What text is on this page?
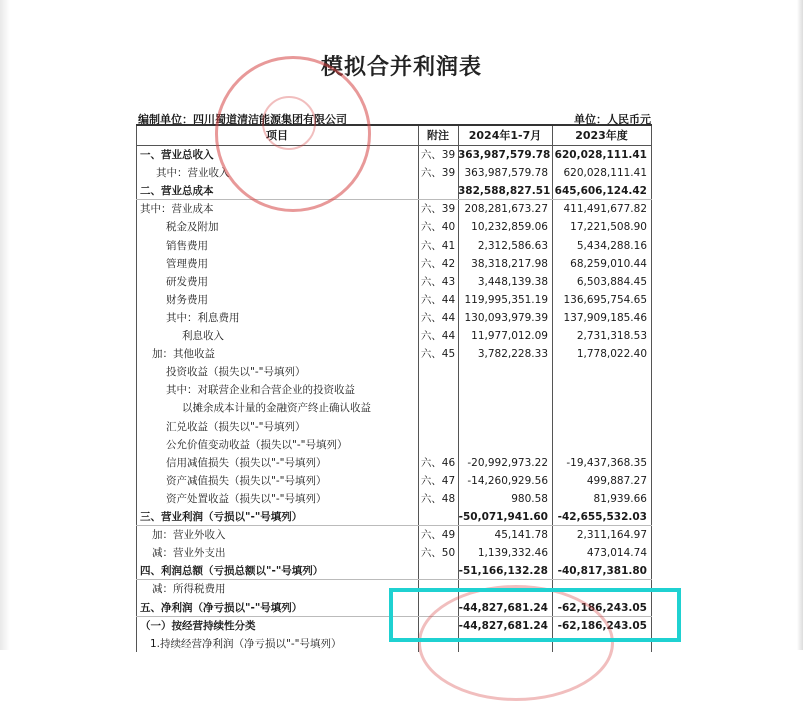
模拟合并利润表
编制单位：四川蜀道清洁能源集团有限公司	单位：人民币元
项目	附注	2024年1-7月	2023年度
一、营业总收入	六、39 363,987,579.78 620,028,111.41
其中：营业收入	六、39 363,987,579.78	620,028,111.41
二、营业总成本	382,588,827.51 645,606,124.42
其中：营业成本	六、39 208,281,673.27	411,491,677.82
税金及附加	六、40	10,232,859.06	17,221,508.90
销售费用	六、41	2,312,586.63	5,434,288.16
管理费用	六、42	38,318,217.98	68,259,010.44
研发费用	六、43	3,448,139.38	6,503,884.45
财务费用	六、44 119,995,351.19	136,695,754.65
其中：利息费用	六、44 130,093,979.39	137,909,185.46
利息收入	六、44	11,977,012.09	2,731,318.53
加：其他收益	六、45	3,782,228.33	1,778,022.40
投资收益（损失以"-"号填列）
其中：对联营企业和合营企业的投资收益
以摊余成本计量的金融资产终止确认收益
汇兑收益（损失以"-"号填列）
公允价值变动收益（损失以"-"号填列）
信用减值损失（损失以"-"号填列）	六、46	-20,992,973.22	-19,437,368.35
资产减值损失（损失以"-"号填列）	六、47	-14,260,929.56	499,887.27
资产处置收益（损失以"-"号填列）	六、48	980.58	81,939.66
三、营业利润（亏损以"-"号填列）	-50,071,941.60 -42,655,532.03
加：营业外收入	六、49	45,141.78	2,311,164.97
减：营业外支出	六、50	1,139,332.46	473,014.74
四、利润总额（亏损总额以"-"号填列）	-51,166,132.28 -40,817,381.80
减：所得税费用
五、净利润（净亏损以"-"号填列）	-44,827,681.24 -62,186,243.05
（一）按经营持续性分类	-44,827,681.24 -62,186,243.05
1.持续经营净利润（净亏损以"-"号填列）
